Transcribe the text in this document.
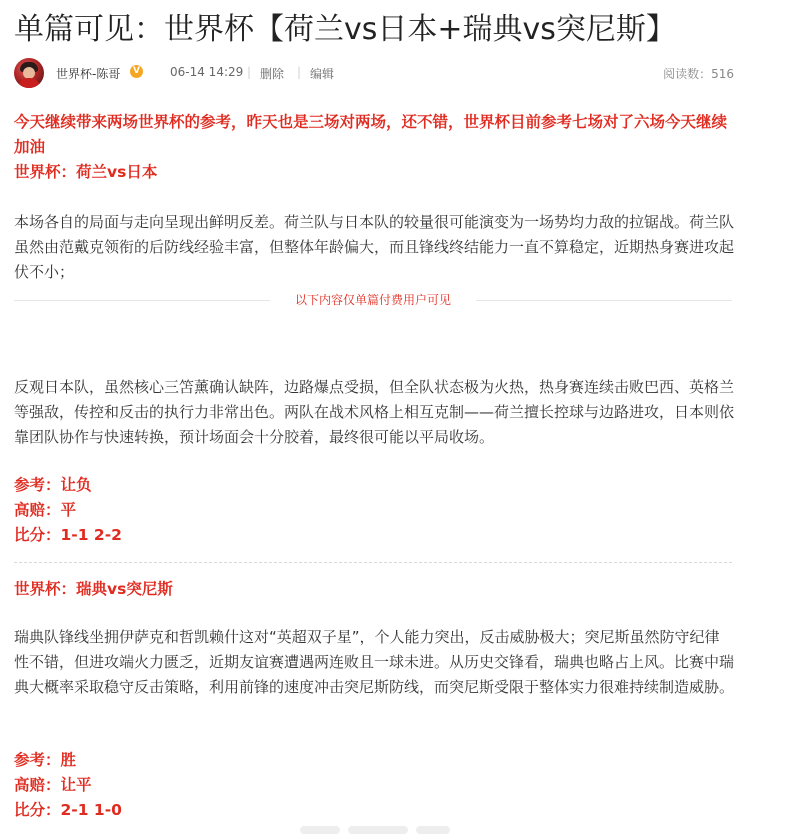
单篇可见：世界杯【荷兰vs日本+瑞典vs突尼斯】
世界杯-陈哥	V	06-14 14:29 | 删除 | 编辑	阅读数：516
今天继续带来两场世界杯的参考，昨天也是三场对两场，还不错，世界杯目前参考七场对了六场今天继续加油
世界杯：荷兰vs日本
本场各自的局面与走向呈现出鲜明反差。荷兰队与日本队的较量很可能演变为一场势均力敌的拉锯战。荷兰队虽然由范戴克领衔的后防线经验丰富，但整体年龄偏大，而且锋线终结能力一直不算稳定，近期热身赛进攻起伏不小；
以下内容仅单篇付费用户可见
反观日本队，虽然核心三笘薰确认缺阵，边路爆点受损，但全队状态极为火热，热身赛连续击败巴西、英格兰等强敌，传控和反击的执行力非常出色。两队在战术风格上相互克制——荷兰擅长控球与边路进攻，日本则依靠团队协作与快速转换，预计场面会十分胶着，最终很可能以平局收场。
参考：让负
高赔：平
比分：1-1 2-2
世界杯：瑞典vs突尼斯
瑞典队锋线坐拥伊萨克和哲凯赖什这对“英超双子星”，个人能力突出，反击威胁极大；突尼斯虽然防守纪律性不错，但进攻端火力匮乏，近期友谊赛遭遇两连败且一球未进。从历史交锋看，瑞典也略占上风。比赛中瑞典大概率采取稳守反击策略，利用前锋的速度冲击突尼斯防线，而突尼斯受限于整体实力很难持续制造威胁。
参考：胜
高赔：让平
比分：2-1 1-0
